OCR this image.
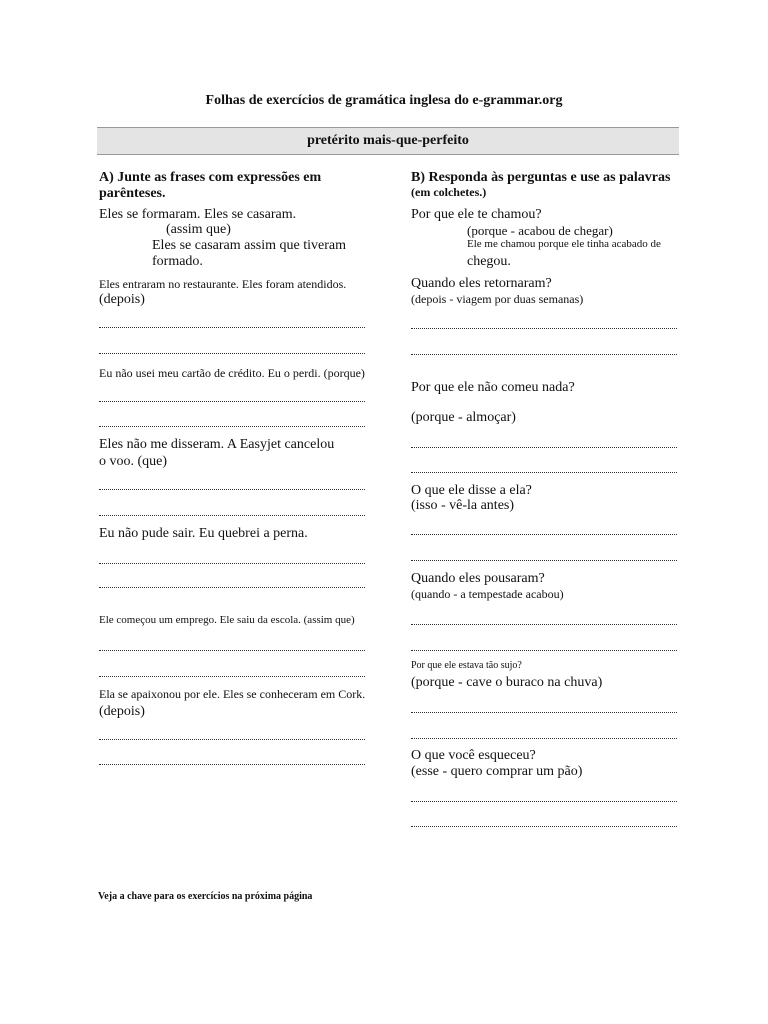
Folhas de exercícios de gramática inglesa do e-grammar.org
pretérito mais-que-perfeito
A) Junte as frases com expressões em
parênteses.
Eles se formaram. Eles se casaram.
(assim que)
Eles se casaram assim que tiveram
formado.
Eles entraram no restaurante. Eles foram atendidos.
(depois)
Eu não usei meu cartão de crédito. Eu o perdi. (porque)
Eles não me disseram. A Easyjet cancelou
o voo. (que)
Eu não pude sair. Eu quebrei a perna.
Ele começou um emprego. Ele saiu da escola. (assim que)
Ela se apaixonou por ele. Eles se conheceram em Cork.
(depois)
B) Responda às perguntas e use as palavras
(em colchetes.)
Por que ele te chamou?
(porque - acabou de chegar)
Ele me chamou porque ele tinha acabado de
chegou.
Quando eles retornaram?
(depois - viagem por duas semanas)
Por que ele não comeu nada?
(porque - almoçar)
O que ele disse a ela?
(isso - vê-la antes)
Quando eles pousaram?
(quando - a tempestade acabou)
Por que ele estava tão sujo?
(porque - cave o buraco na chuva)
O que você esqueceu?
(esse - quero comprar um pão)
Veja a chave para os exercícios na próxima página
